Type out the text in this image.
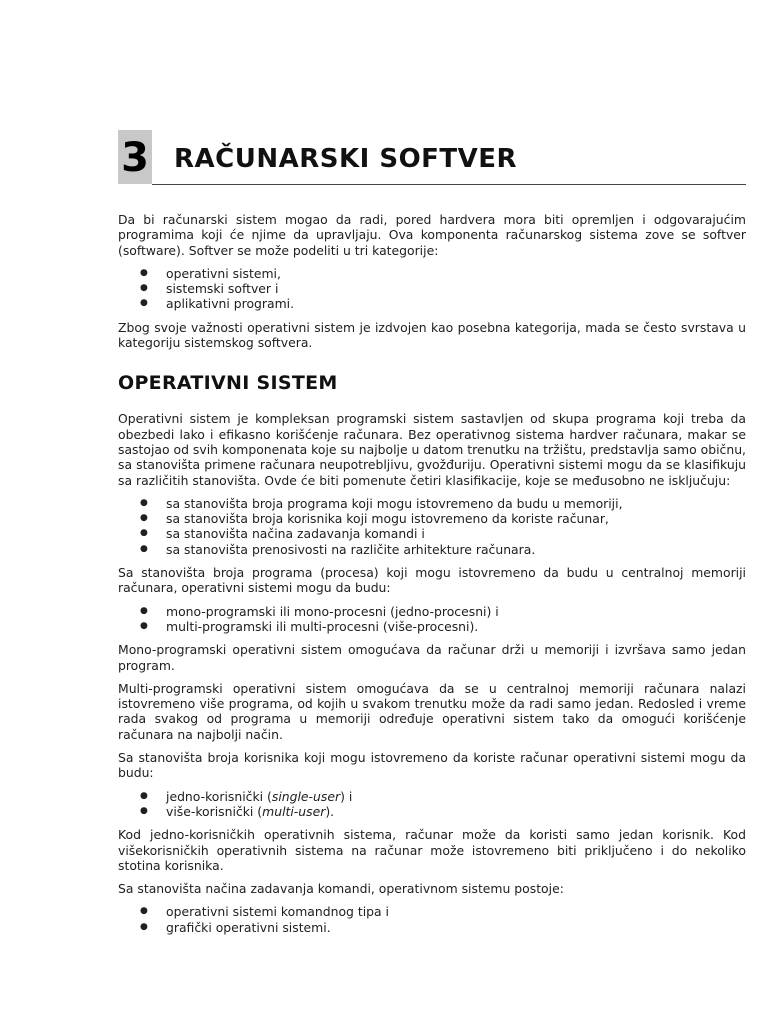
3 RAČUNARSKI SOFTVER

Da bi računarski sistem mogao da radi, pored hardvera mora biti opremljen i odgovarajućim programima koji će njime da upravljaju. Ova komponenta računarskog sistema zove se softver (software). Softver se može podeliti u tri kategorije:

● operativni sistemi,
● sistemski softver i
● aplikativni programi.

Zbog svoje važnosti operativni sistem je izdvojen kao posebna kategorija, mada se često svrstava u kategoriju sistemskog softvera.

OPERATIVNI SISTEM

Operativni sistem je kompleksan programski sistem sastavljen od skupa programa koji treba da obezbedi lako i efikasno korišćenje računara. Bez operativnog sistema hardver računara, makar se sastojao od svih komponenata koje su najbolje u datom trenutku na tržištu, predstavlja samo običnu, sa stanovišta primene računara neupotrebljivu, gvožđuriju. Operativni sistemi mogu da se klasifikuju sa različitih stanovišta. Ovde će biti pomenute četiri klasifikacije, koje se međusobno ne isključuju:

● sa stanovišta broja programa koji mogu istovremeno da budu u memoriji,
● sa stanovišta broja korisnika koji mogu istovremeno da koriste računar,
● sa stanovišta načina zadavanja komandi i
● sa stanovišta prenosivosti na različite arhitekture računara.

Sa stanovišta broja programa (procesa) koji mogu istovremeno da budu u centralnoj memoriji računara, operativni sistemi mogu da budu:

● mono-programski ili mono-procesni (jedno-procesni) i
● multi-programski ili multi-procesni (više-procesni).

Mono-programski operativni sistem omogućava da računar drži u memoriji i izvršava samo jedan program.

Multi-programski operativni sistem omogućava da se u centralnoj memoriji računara nalazi istovremeno više programa, od kojih u svakom trenutku može da radi samo jedan. Redosled i vreme rada svakog od programa u memoriji određuje operativni sistem tako da omogući korišćenje računara na najbolji način.

Sa stanovišta broja korisnika koji mogu istovremeno da koriste računar operativni sistemi mogu da budu:

● jedno-korisnički (single-user) i
● više-korisnički (multi-user).

Kod jedno-korisničkih operativnih sistema, računar može da koristi samo jedan korisnik. Kod višekorisničkih operativnih sistema na računar može istovremeno biti priključeno i do nekoliko stotina korisnika.

Sa stanovišta načina zadavanja komandi, operativnom sistemu postoje:

● operativni sistemi komandnog tipa i
● grafički operativni sistemi.
